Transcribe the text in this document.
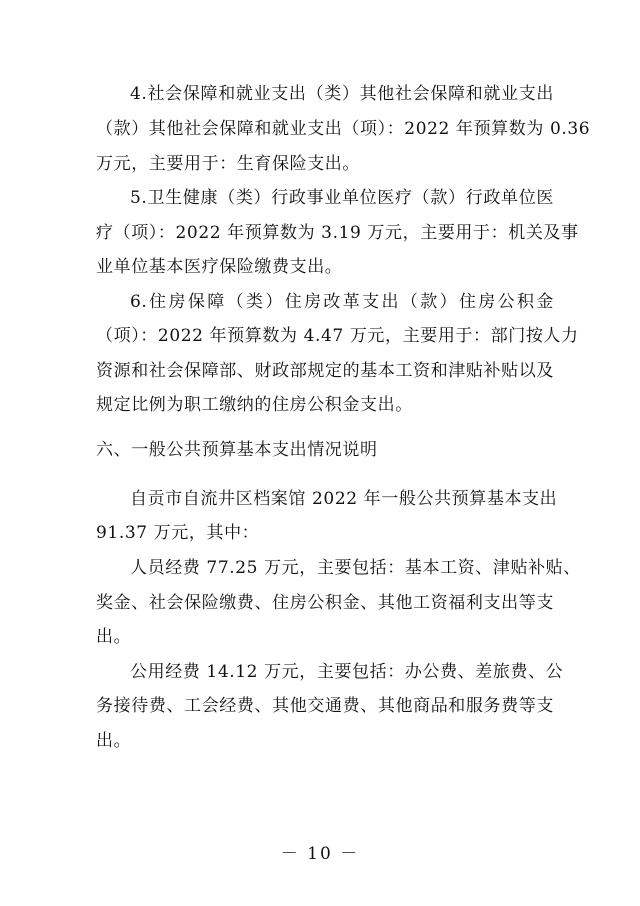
4.社会保障和就业支出（类）其他社会保障和就业支出
（款）其他社会保障和就业支出（项）：2022 年预算数为 0.36
万元，主要用于：生育保险支出。
5.卫生健康（类）行政事业单位医疗（款）行政单位医
疗（项）：2022 年预算数为 3.19 万元，主要用于：机关及事
业单位基本医疗保险缴费支出。
6.住房保障（类）住房改革支出（款）住房公积金
（项）：2022 年预算数为 4.47 万元，主要用于：部门按人力
资源和社会保障部、财政部规定的基本工资和津贴补贴以及
规定比例为职工缴纳的住房公积金支出。
六、一般公共预算基本支出情况说明
自贡市自流井区档案馆 2022 年一般公共预算基本支出
91.37 万元，其中：
人员经费 77.25 万元，主要包括：基本工资、津贴补贴、
奖金、社会保险缴费、住房公积金、其他工资福利支出等支
出。
公用经费 14.12 万元，主要包括：办公费、差旅费、公
务接待费、工会经费、其他交通费、其他商品和服务费等支
出。
－ 10 －
